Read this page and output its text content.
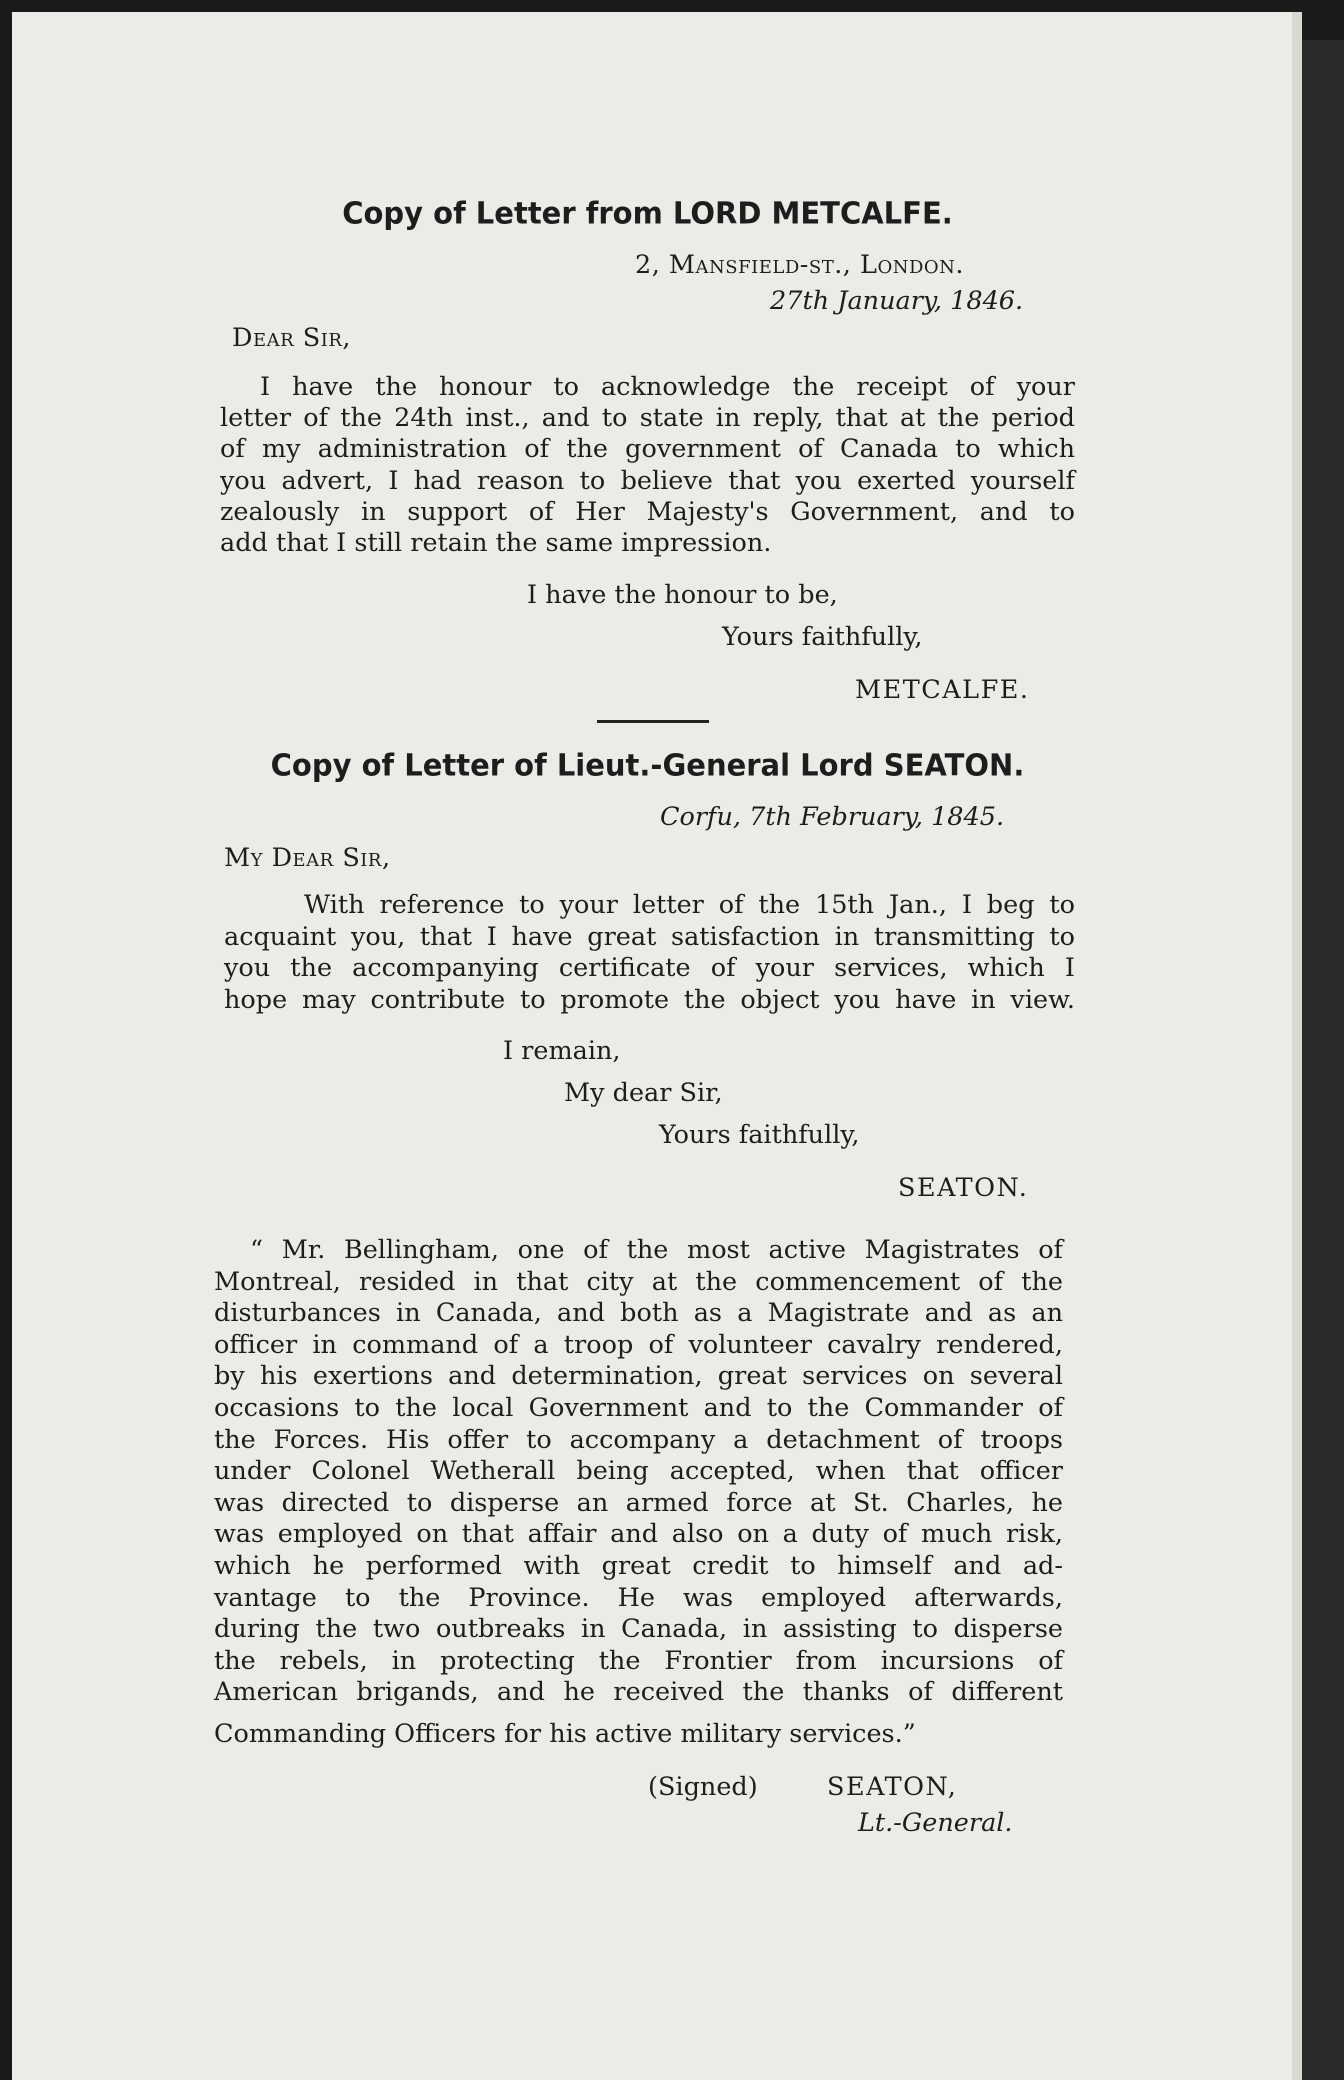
Copy of Letter from LORD METCALFE.
2, Mansfield-st., London.
27th January, 1846.
Dear Sir,
I have the honour to acknowledge the receipt of your
letter of the 24th inst., and to state in reply, that at the period
of my administration of the government of Canada to which
you advert, I had reason to believe that you exerted yourself
zealously in support of Her Majesty's Government, and to
add that I still retain the same impression.
I have the honour to be,
Yours faithfully,
METCALFE.
Copy of Letter of Lieut.-General Lord SEATON.
Corfu, 7th February, 1845.
My Dear Sir,
With reference to your letter of the 15th Jan., I beg to
acquaint you, that I have great satisfaction in transmitting to
you the accompanying certificate of your services, which I
hope may contribute to promote the object you have in view.
I remain,
My dear Sir,
Yours faithfully,
SEATON.
“ Mr. Bellingham, one of the most active Magistrates of
Montreal, resided in that city at the commencement of the
disturbances in Canada, and both as a Magistrate and as an
officer in command of a troop of volunteer cavalry rendered,
by his exertions and determination, great services on several
occasions to the local Government and to the Commander of
the Forces. His offer to accompany a detachment of troops
under Colonel Wetherall being accepted, when that officer
was directed to disperse an armed force at St. Charles, he
was employed on that affair and also on a duty of much risk,
which he performed with great credit to himself and ad-
vantage to the Province. He was employed afterwards,
during the two outbreaks in Canada, in assisting to disperse
the rebels, in protecting the Frontier from incursions of
American brigands, and he received the thanks of different
Commanding Officers for his active military services.”
(Signed)	SEATON,
Lt.-General.
